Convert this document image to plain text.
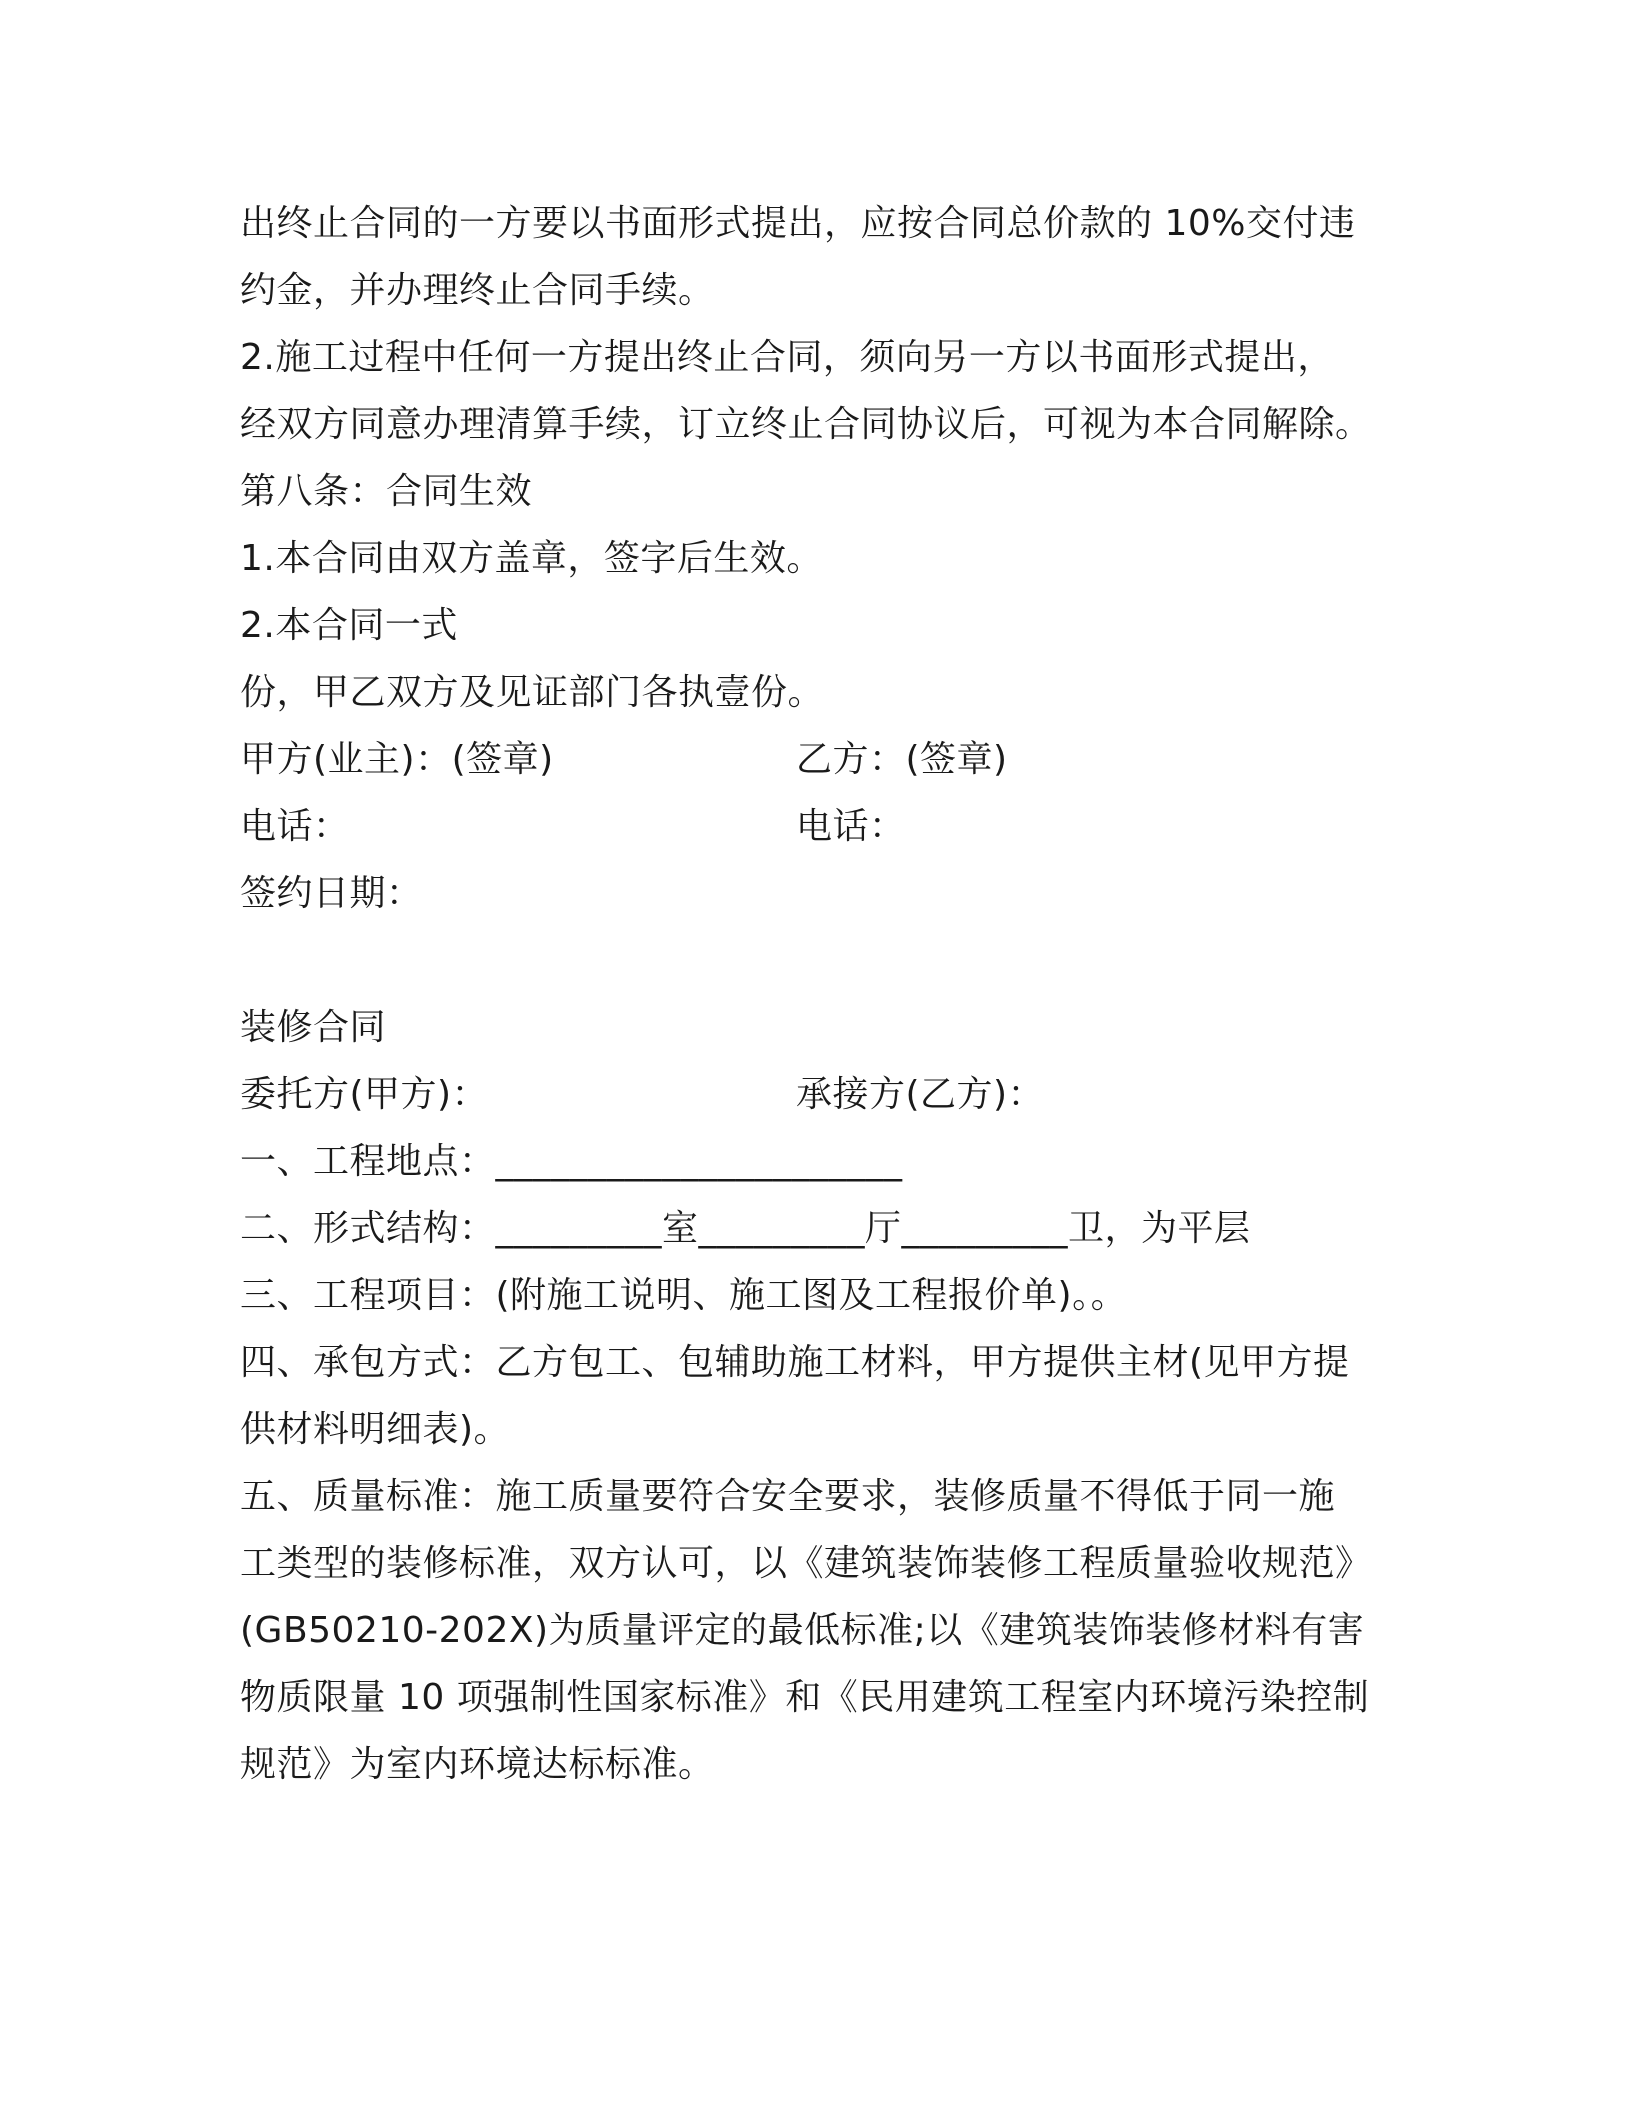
出终止合同的一方要以书面形式提出，应按合同总价款的 10%交付违
约金，并办理终止合同手续。
2.施工过程中任何一方提出终止合同，须向另一方以书面形式提出，
经双方同意办理清算手续，订立终止合同协议后，可视为本合同解除。
第八条：合同生效
1.本合同由双方盖章，签字后生效。
2.本合同一式
份，甲乙双方及见证部门各执壹份。
甲方(业主)：(签章)	乙方：(签章)
电话：	电话：
签约日期：
装修合同
委托方(甲方)：	承接方(乙方)：
一、工程地点：______________________
二、形式结构：_________室_________厅_________卫，为平层
三、工程项目：(附施工说明、施工图及工程报价单)。。
四、承包方式：乙方包工、包辅助施工材料，甲方提供主材(见甲方提
供材料明细表)。
五、质量标准：施工质量要符合安全要求，装修质量不得低于同一施
工类型的装修标准，双方认可，以《建筑装饰装修工程质量验收规范》
(GB50210-202X)为质量评定的最低标准;以《建筑装饰装修材料有害
物质限量 10 项强制性国家标准》和《民用建筑工程室内环境污染控制
规范》为室内环境达标标准。
